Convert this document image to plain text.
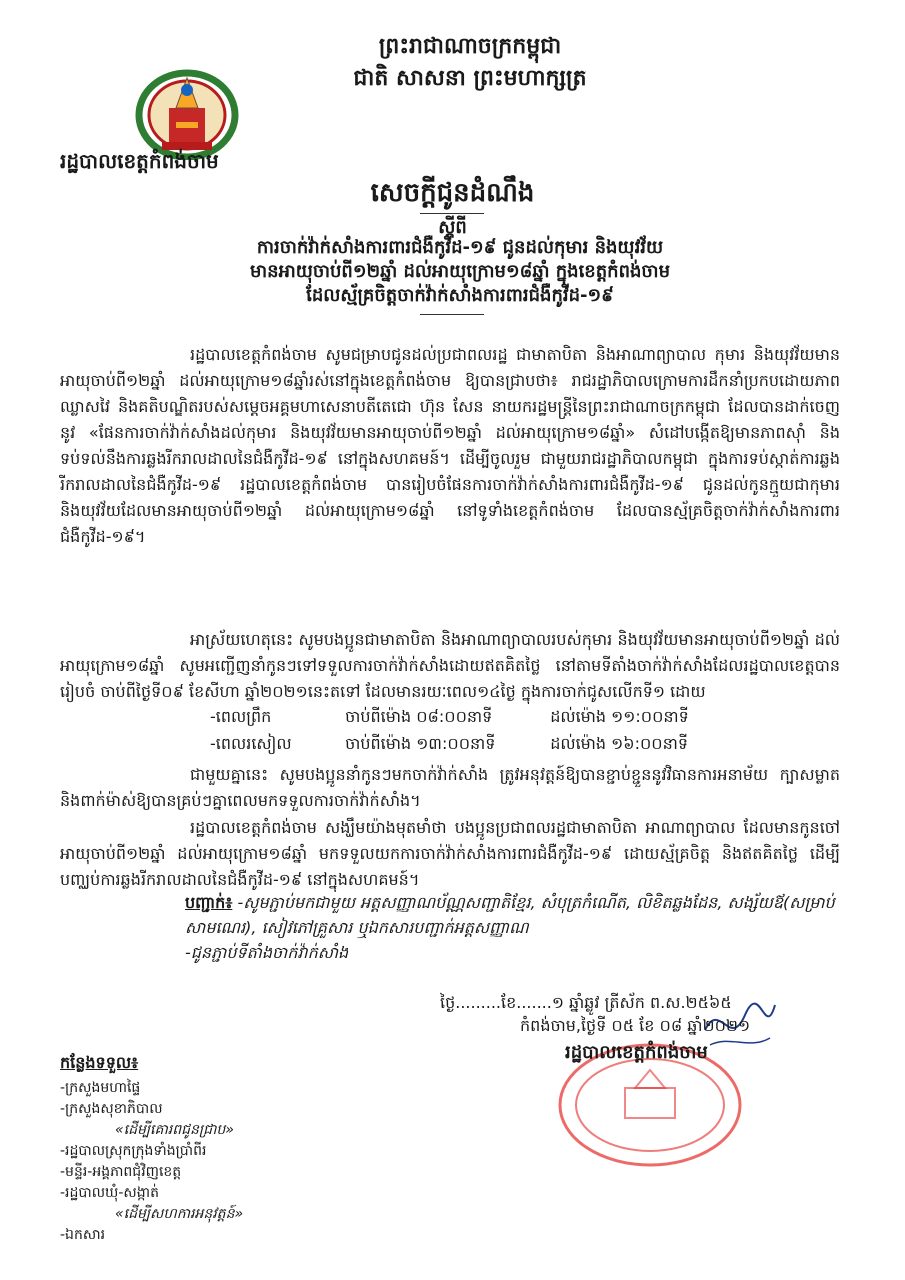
ព្រះរាជាណាចក្រកម្ពុជា
ជាតិ សាសនា ព្រះមហាក្សត្រ
រដ្ឋបាលខេត្តកំពង់ចាម
សេចក្តីជូនដំណឹង
ស្តីពី
ការចាក់វ៉ាក់សាំងការពារជំងឺកូវីដ-១៩ ជូនដល់កុមារ និងយុវវ័យ
មានអាយុចាប់ពី១២ឆ្នាំ ដល់អាយុក្រោម១៨ឆ្នាំ ក្នុងខេត្តកំពង់ចាម
ដែលស្ម័គ្រចិត្តចាក់វ៉ាក់សាំងការពារជំងឺកូវីដ-១៩
រដ្ឋបាលខេត្តកំពង់ចាម សូមជម្រាបជូនដល់ប្រជាពលរដ្ឋ ជាមាតាបិតា និងអាណាព្យាបាល កុមារ និងយុវវ័យមានអាយុចាប់ពី១២ឆ្នាំ ដល់អាយុក្រោម១៨ឆ្នាំរស់នៅក្នុងខេត្តកំពង់ចាម ឱ្យបានជ្រាបថា៖ រាជរដ្ឋាភិបាលក្រោមការដឹកនាំប្រកបដោយភាពឈ្លាសវៃ និងគតិបណ្ឌិតរបស់សម្តេចអគ្គមហាសេនាបតីតេជោ ហ៊ុន សែន នាយករដ្ឋមន្ត្រីនៃព្រះរាជាណាចក្រកម្ពុជា ដែលបានដាក់ចេញនូវ «ផែនការចាក់វ៉ាក់សាំងដល់កុមារ និងយុវវ័យមានអាយុចាប់ពី១២ឆ្នាំ ដល់អាយុក្រោម១៨ឆ្នាំ» សំដៅបង្កើតឱ្យមានភាពស៊ាំ និងទប់ទល់នឹងការឆ្លងរីករាលដាលនៃជំងឺកូវីដ-១៩ នៅក្នុងសហគមន៍។ ដើម្បីចូលរួម ជាមួយរាជរដ្ឋាភិបាលកម្ពុជា ក្នុងការទប់ស្កាត់ការឆ្លងរីករាលដាលនៃជំងឺកូវីដ-១៩ រដ្ឋបាលខេត្តកំពង់ចាម បានរៀបចំផែនការចាក់វ៉ាក់សាំងការពារជំងឺកូវីដ-១៩ ជូនដល់កូនក្មួយជាកុមារ និងយុវវ័យដែលមានអាយុចាប់ពី១២ឆ្នាំ ដល់អាយុក្រោម១៨ឆ្នាំ នៅទូទាំងខេត្តកំពង់ចាម ដែលបានស្ម័គ្រចិត្តចាក់វ៉ាក់សាំងការពារជំងឺកូវីដ-១៩។
អាស្រ័យហេតុនេះ សូមបងប្អូនជាមាតាបិតា និងអាណាព្យាបាលរបស់កុមារ និងយុវវ័យមានអាយុចាប់ពី១២ឆ្នាំ ដល់អាយុក្រោម១៨ឆ្នាំ សូមអញ្ជើញនាំកូនៗទៅទទួលការចាក់វ៉ាក់សាំងដោយឥតគិតថ្លៃ នៅតាមទីតាំងចាក់វ៉ាក់សាំងដែលរដ្ឋបាលខេត្តបានរៀបចំ ចាប់ពីថ្ងៃទី០៩ ខែសីហា ឆ្នាំ២០២១នេះតទៅ ដែលមានរយៈពេល១៤ថ្ងៃ ក្នុងការចាក់ជូសលើកទី១ ដោយ
-ពេលព្រឹក	ចាប់ពីម៉ោង ០៨:០០នាទី	ដល់ម៉ោង ១១:០០នាទី
-ពេលរសៀល	ចាប់ពីម៉ោង ១៣:០០នាទី	ដល់ម៉ោង ១៦:០០នាទី
ជាមួយគ្នានេះ សូមបងប្អូននាំកូនៗមកចាក់វ៉ាក់សាំង ត្រូវអនុវត្តន៍ឱ្យបានខ្ជាប់ខ្ជួននូវវិធានការអនាម័យ ក្បាសម្លាត និងពាក់ម៉ាស់ឱ្យបានគ្រប់ៗគ្នាពេលមកទទួលការចាក់វ៉ាក់សាំង។
រដ្ឋបាលខេត្តកំពង់ចាម សង្ឃឹមយ៉ាងមុតមាំថា បងប្អូនប្រជាពលរដ្ឋជាមាតាបិតា អាណាព្យាបាល ដែលមានកូនចៅអាយុចាប់ពី១២ឆ្នាំ ដល់អាយុក្រោម១៨ឆ្នាំ មកទទួលយកការចាក់វ៉ាក់សាំងការពារជំងឺកូវីដ-១៩ ដោយស្ម័គ្រចិត្ត និងឥតគិតថ្លៃ ដើម្បីបញ្ឈប់ការឆ្លងរីករាលដាលនៃជំងឺកូវីដ-១៩ នៅក្នុងសហគមន៍។
បញ្ជាក់៖ -សូមភ្ជាប់មកជាមួយ អត្តសញ្ញាណប័ណ្ណសញ្ជាតិខ្មែរ, សំបុត្រកំណើត, លិខិតឆ្លងដែន, សង្ស័យឪ(សម្រាប់សាមណេរ), សៀវភៅគ្រួសារ ឬឯកសារបញ្ជាក់អត្តសញ្ញាណ
-ជូនភ្ជាប់ទីតាំងចាក់វ៉ាក់សាំង
ថ្ងៃ.........ខែ.......១ ឆ្នាំឆ្លូវ ត្រីស័ក ព.ស.២៥៦៥
កំពង់ចាម,ថ្ងៃទី ០៥ ខែ ០៨ ឆ្នាំ២០២១
រដ្ឋបាលខេត្តកំពង់ចាម
កន្លែងទទួល៖
-ក្រសួងមហាផ្ទៃ
-ក្រសួងសុខាភិបាល
«ដើម្បីគោរពជូនជ្រាប»
-រដ្ឋបាលស្រុកក្រុងទាំងប្រាំពីរ
-មន្ទីរ-អង្គភាពជុំវិញខេត្ត
-រដ្ឋបាលឃុំ-សង្កាត់
«ដើម្បីសហការអនុវត្តន៍»
-ឯកសារ
